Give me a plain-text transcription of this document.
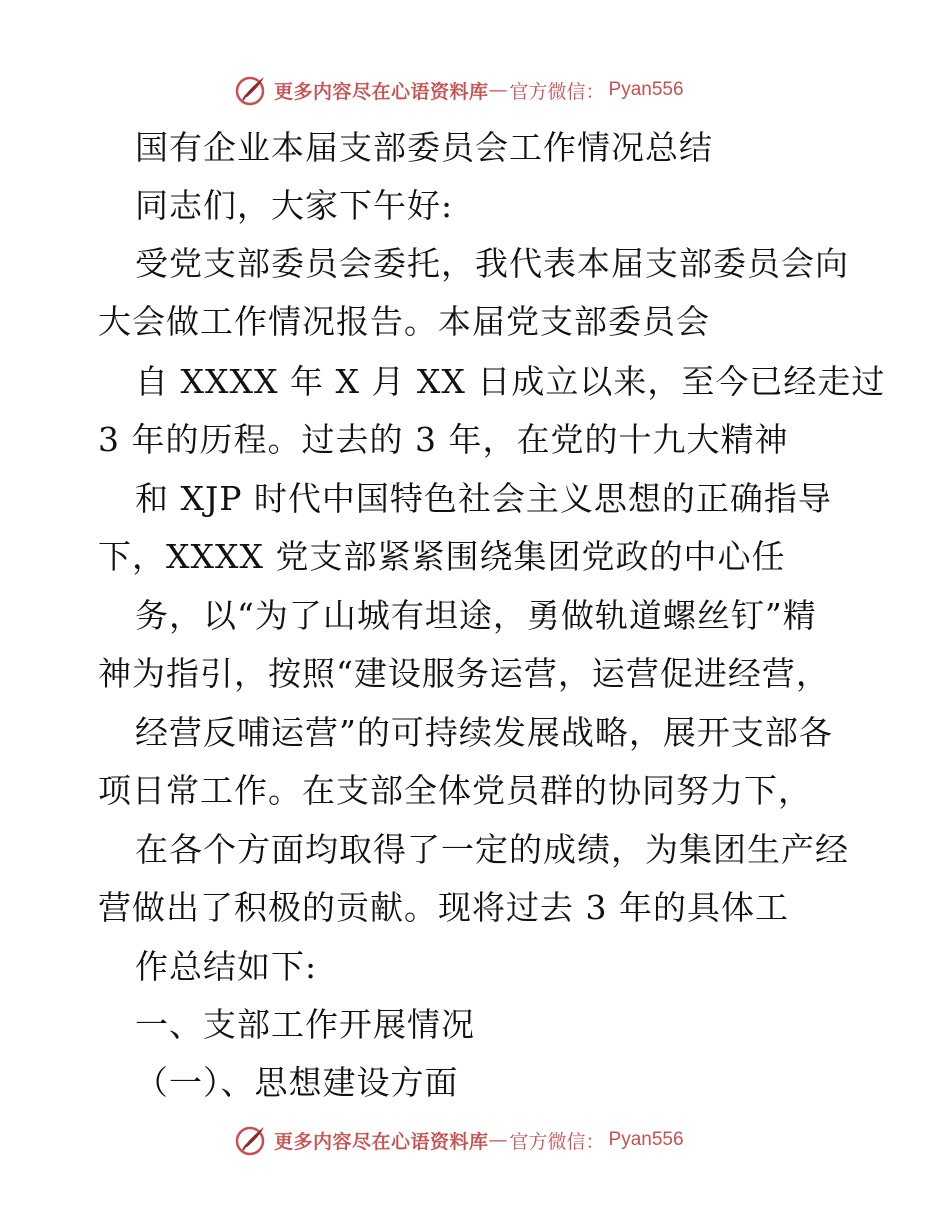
更多内容尽在心语资料库 — 官方微信： Pyan556
国有企业本届支部委员会工作情况总结
同志们，大家下午好:
受党支部委员会委托，我代表本届支部委员会向
大会做工作情况报告。本届党支部委员会
自 XXXX 年 X 月 XX 日成立以来，至今已经走过
3 年的历程。过去的 3 年，在党的十九大精神
和 XJP 时代中国特色社会主义思想的正确指导
下，XXXX 党支部紧紧围绕集团党政的中心任
务，以“为了山城有坦途，勇做轨道螺丝钉”精
神为指引，按照“建设服务运营，运营促进经营，
经营反哺运营”的可持续发展战略，展开支部各
项日常工作。在支部全体党员群的协同努力下，
在各个方面均取得了一定的成绩，为集团生产经
营做出了积极的贡献。现将过去 3 年的具体工
作总结如下:
一、支部工作开展情况
（一）、思想建设方面
更多内容尽在心语资料库 — 官方微信： Pyan556
